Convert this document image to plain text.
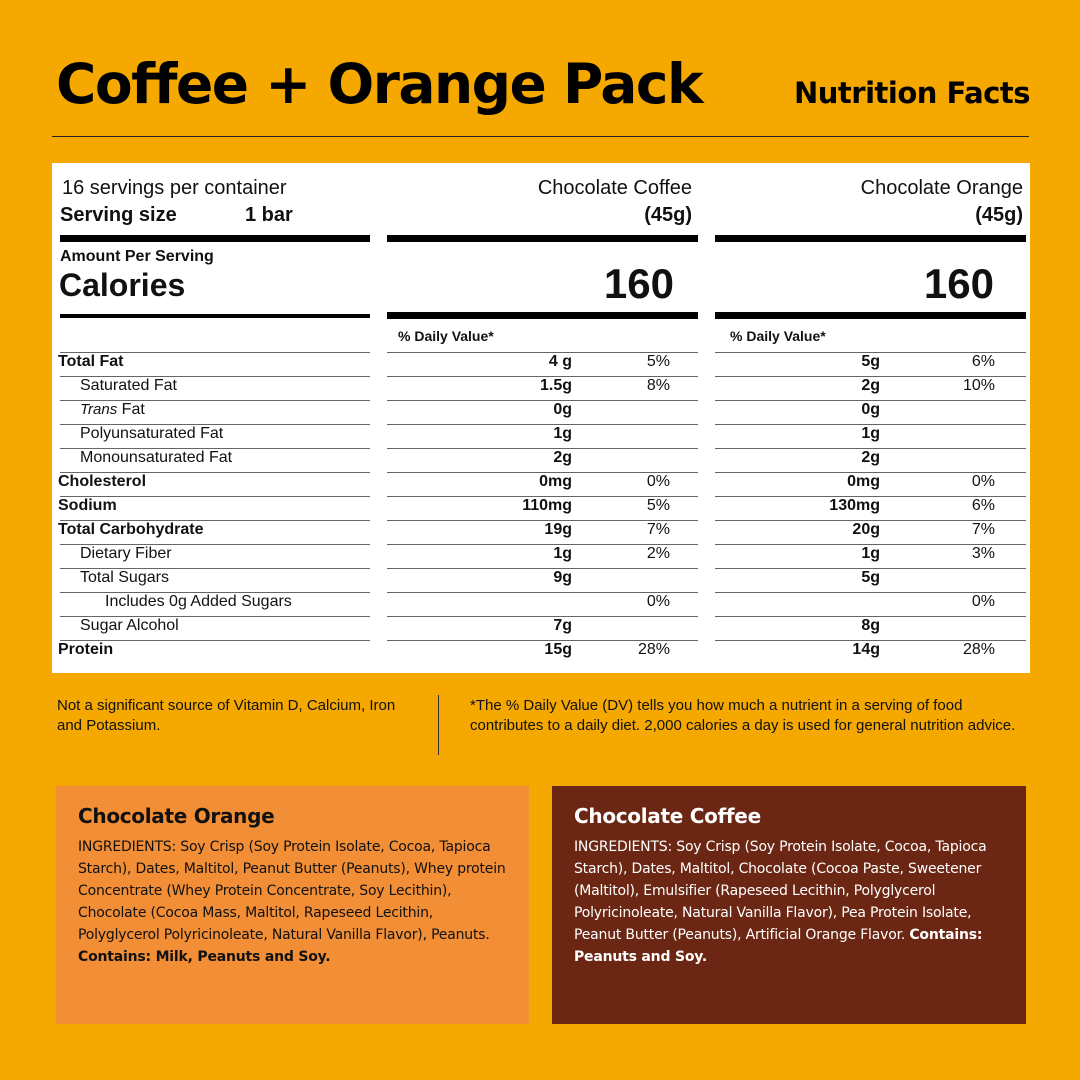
Coffee + Orange Pack	Nutrition Facts
16 servings per container
Serving size	1 bar
Chocolate Coffee
(45g)
Chocolate Orange
(45g)
Amount Per Serving
Calories	160	160
% Daily Value*	% Daily Value*
Total Fat	4 g	5%	5g	6%
Saturated Fat	1.5g	8%	2g	10%
Trans Fat	0g	0g
Polyunsaturated Fat	1g	1g
Monounsaturated Fat	2g	2g
Cholesterol	0mg	0%	0mg	0%
Sodium	110mg	5%	130mg	6%
Total Carbohydrate	19g	7%	20g	7%
Dietary Fiber	1g	2%	1g	3%
Total Sugars	9g	5g
Includes 0g Added Sugars	0%	0%
Sugar Alcohol	7g	8g
Protein	15g	28%	14g	28%
Not a significant source of Vitamin D, Calcium, Iron and Potassium.
*The % Daily Value (DV) tells you how much a nutrient in a serving of food contributes to a daily diet. 2,000 calories a day is used for general nutrition advice.
Chocolate Orange

INGREDIENTS: Soy Crisp (Soy Protein Isolate, Cocoa, Tapioca Starch), Dates, Maltitol, Peanut Butter (Peanuts), Whey protein Concentrate (Whey Protein Concentrate, Soy Lecithin), Chocolate (Cocoa Mass, Maltitol, Rapeseed Lecithin, Polyglycerol Polyricinoleate, Natural Vanilla Flavor), Peanuts. Contains: Milk, Peanuts and Soy.

Chocolate Coffee

INGREDIENTS: Soy Crisp (Soy Protein Isolate, Cocoa, Tapioca Starch), Dates, Maltitol, Chocolate (Cocoa Paste, Sweetener (Maltitol), Emulsifier (Rapeseed Lecithin, Polyglycerol Polyricinoleate, Natural Vanilla Flavor), Pea Protein Isolate, Peanut Butter (Peanuts), Artificial Orange Flavor. Contains: Peanuts and Soy.
